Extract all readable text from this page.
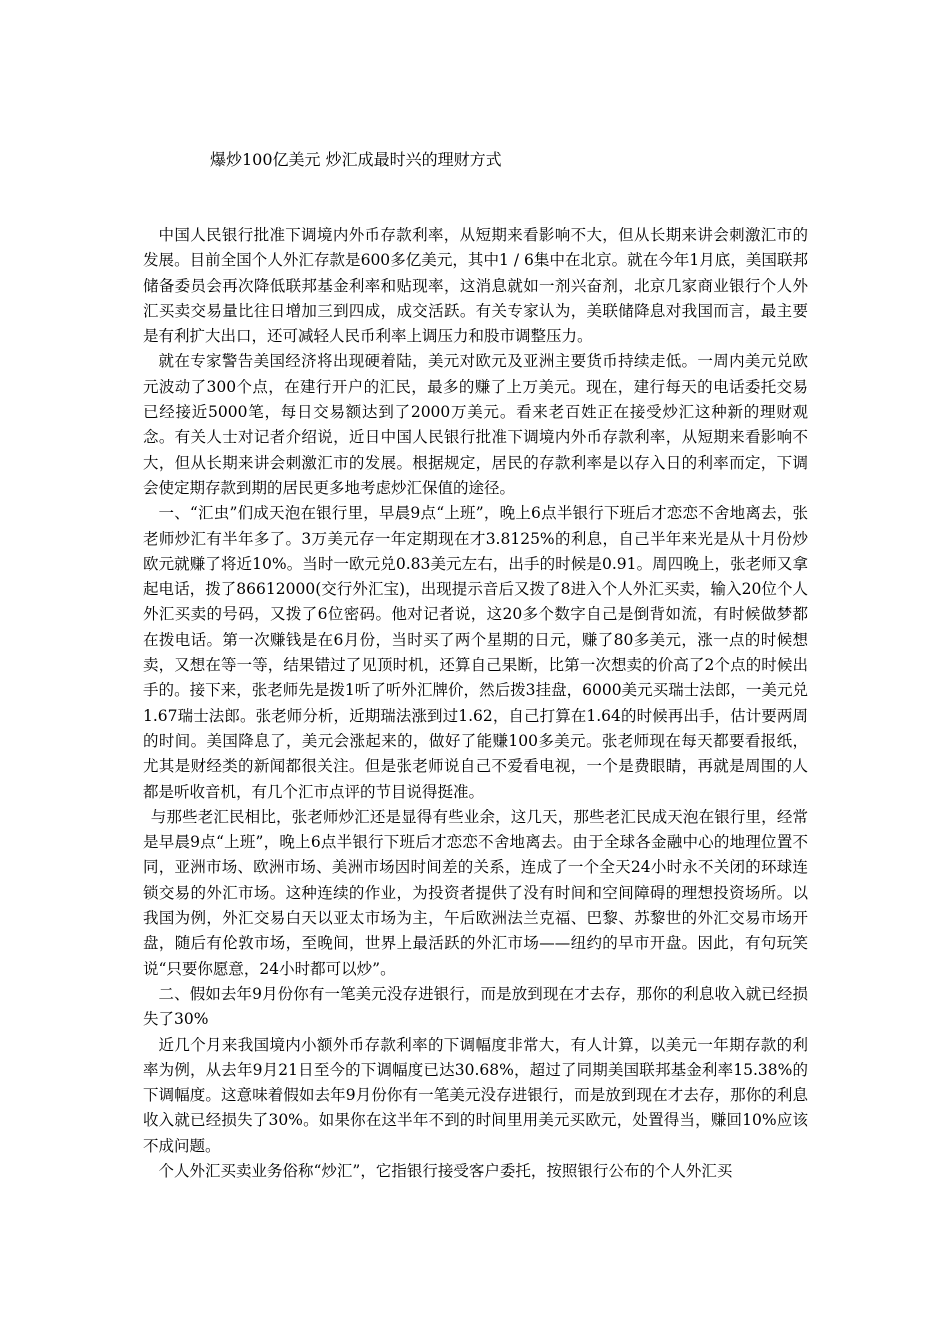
爆炒100亿美元 炒汇成最时兴的理财方式

中国人民银行批准下调境内外币存款利率，从短期来看影响不大，但从长期来讲会刺激汇市的发展。目前全国个人外汇存款是600多亿美元，其中1 / 6集中在北京。就在今年1月底，美国联邦储备委员会再次降低联邦基金利率和贴现率，这消息就如一剂兴奋剂，北京几家商业银行个人外汇买卖交易量比往日增加三到四成，成交活跃。有关专家认为，美联储降息对我国而言，最主要是有利扩大出口，还可减轻人民币利率上调压力和股市调整压力。

就在专家警告美国经济将出现硬着陆，美元对欧元及亚洲主要货币持续走低。一周内美元兑欧元波动了300个点，在建行开户的汇民，最多的赚了上万美元。现在，建行每天的电话委托交易已经接近5000笔，每日交易额达到了2000万美元。看来老百姓正在接受炒汇这种新的理财观念。有关人士对记者介绍说，近日中国人民银行批准下调境内外币存款利率，从短期来看影响不大，但从长期来讲会刺激汇市的发展。根据规定，居民的存款利率是以存入日的利率而定，下调会使定期存款到期的居民更多地考虑炒汇保值的途径。

一、“汇虫”们成天泡在银行里，早晨9点“上班”，晚上6点半银行下班后才恋恋不舍地离去，张老师炒汇有半年多了。3万美元存一年定期现在才3.8125%的利息，自己半年来光是从十月份炒欧元就赚了将近10%。当时一欧元兑0.83美元左右，出手的时候是0.91。周四晚上，张老师又拿起电话，拨了86612000(交行外汇宝)，出现提示音后又拨了8进入个人外汇买卖，输入20位个人外汇买卖的号码，又拨了6位密码。他对记者说，这20多个数字自己是倒背如流，有时候做梦都在拨电话。第一次赚钱是在6月份，当时买了两个星期的日元，赚了80多美元，涨一点的时候想卖，又想在等一等，结果错过了见顶时机，还算自己果断，比第一次想卖的价高了2个点的时候出手的。接下来，张老师先是拨1听了听外汇牌价，然后拨3挂盘，6000美元买瑞士法郎，一美元兑1.67瑞士法郎。张老师分析，近期瑞法涨到过1.62，自己打算在1.64的时候再出手，估计要两周的时间。美国降息了，美元会涨起来的，做好了能赚100多美元。张老师现在每天都要看报纸，尤其是财经类的新闻都很关注。但是张老师说自己不爱看电视，一个是费眼睛，再就是周围的人都是听收音机，有几个汇市点评的节目说得挺准。

与那些老汇民相比，张老师炒汇还是显得有些业余，这几天，那些老汇民成天泡在银行里，经常是早晨9点“上班”，晚上6点半银行下班后才恋恋不舍地离去。由于全球各金融中心的地理位置不同，亚洲市场、欧洲市场、美洲市场因时间差的关系，连成了一个全天24小时永不关闭的环球连锁交易的外汇市场。这种连续的作业，为投资者提供了没有时间和空间障碍的理想投资场所。以我国为例，外汇交易白天以亚太市场为主，午后欧洲法兰克福、巴黎、苏黎世的外汇交易市场开盘，随后有伦敦市场，至晚间，世界上最活跃的外汇市场——纽约的早市开盘。因此，有句玩笑说“只要你愿意，24小时都可以炒”。

二、假如去年9月份你有一笔美元没存进银行，而是放到现在才去存，那你的利息收入就已经损失了30%

近几个月来我国境内小额外币存款利率的下调幅度非常大，有人计算，以美元一年期存款的利率为例，从去年9月21日至今的下调幅度已达30.68%，超过了同期美国联邦基金利率15.38%的下调幅度。这意味着假如去年9月份你有一笔美元没存进银行，而是放到现在才去存，那你的利息收入就已经损失了30%。如果你在这半年不到的时间里用美元买欧元，处置得当，赚回10%应该不成问题。

个人外汇买卖业务俗称“炒汇”，它指银行接受客户委托，按照银行公布的个人外汇买
